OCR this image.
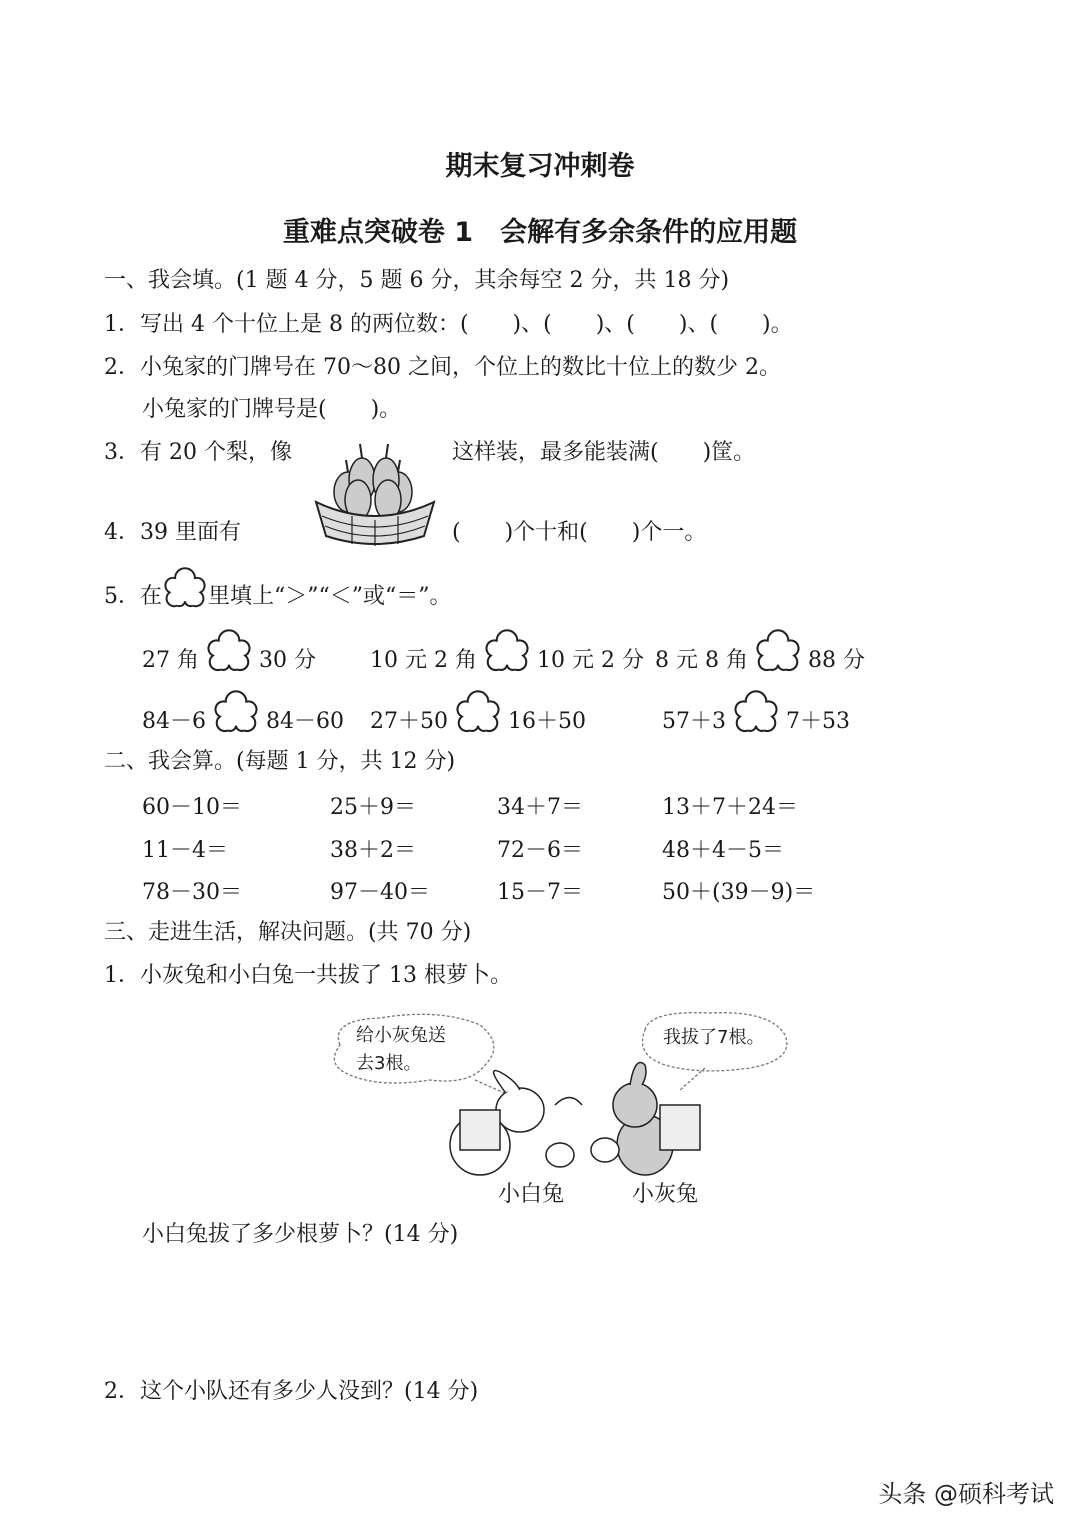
期末复习冲刺卷
重难点突破卷 1　会解有多余条件的应用题
一、我会填。(1 题 4 分，5 题 6 分，其余每空 2 分，共 18 分)
1．写出 4 个十位上是 8 的两位数：(　　)、(　　)、(　　)、(　　)。
2．小兔家的门牌号在 70～80 之间，个位上的数比十位上的数少 2。
小兔家的门牌号是(　　)。
3．有 20 个梨，像	这样装，最多能装满(　　)筐。
4．39 里面有	(　　)个十和(　　)个一。
5．在 里填上“＞”“＜”或“＝”。
27 角	30 分 10 元 2 角	10 元 2 分 8 元 8 角	88 分
84－6	84－60 27＋50	16＋50	57＋3	7＋53
二、我会算。(每题 1 分，共 12 分)
60－10＝	25＋9＝	34＋7＝	13＋7＋24＝
11－4＝	38＋2＝	72－6＝	48＋4－5＝
78－30＝	97－40＝	15－7＝	50＋(39－9)＝
三、走进生活，解决问题。(共 70 分)
1．小灰兔和小白兔一共拔了 13 根萝卜。
给小灰兔送
去3根。
我拔了7根。
小白兔	小灰兔
小白兔拔了多少根萝卜？(14 分)
2．这个小队还有多少人没到？(14 分)
头条 @硕科考试
